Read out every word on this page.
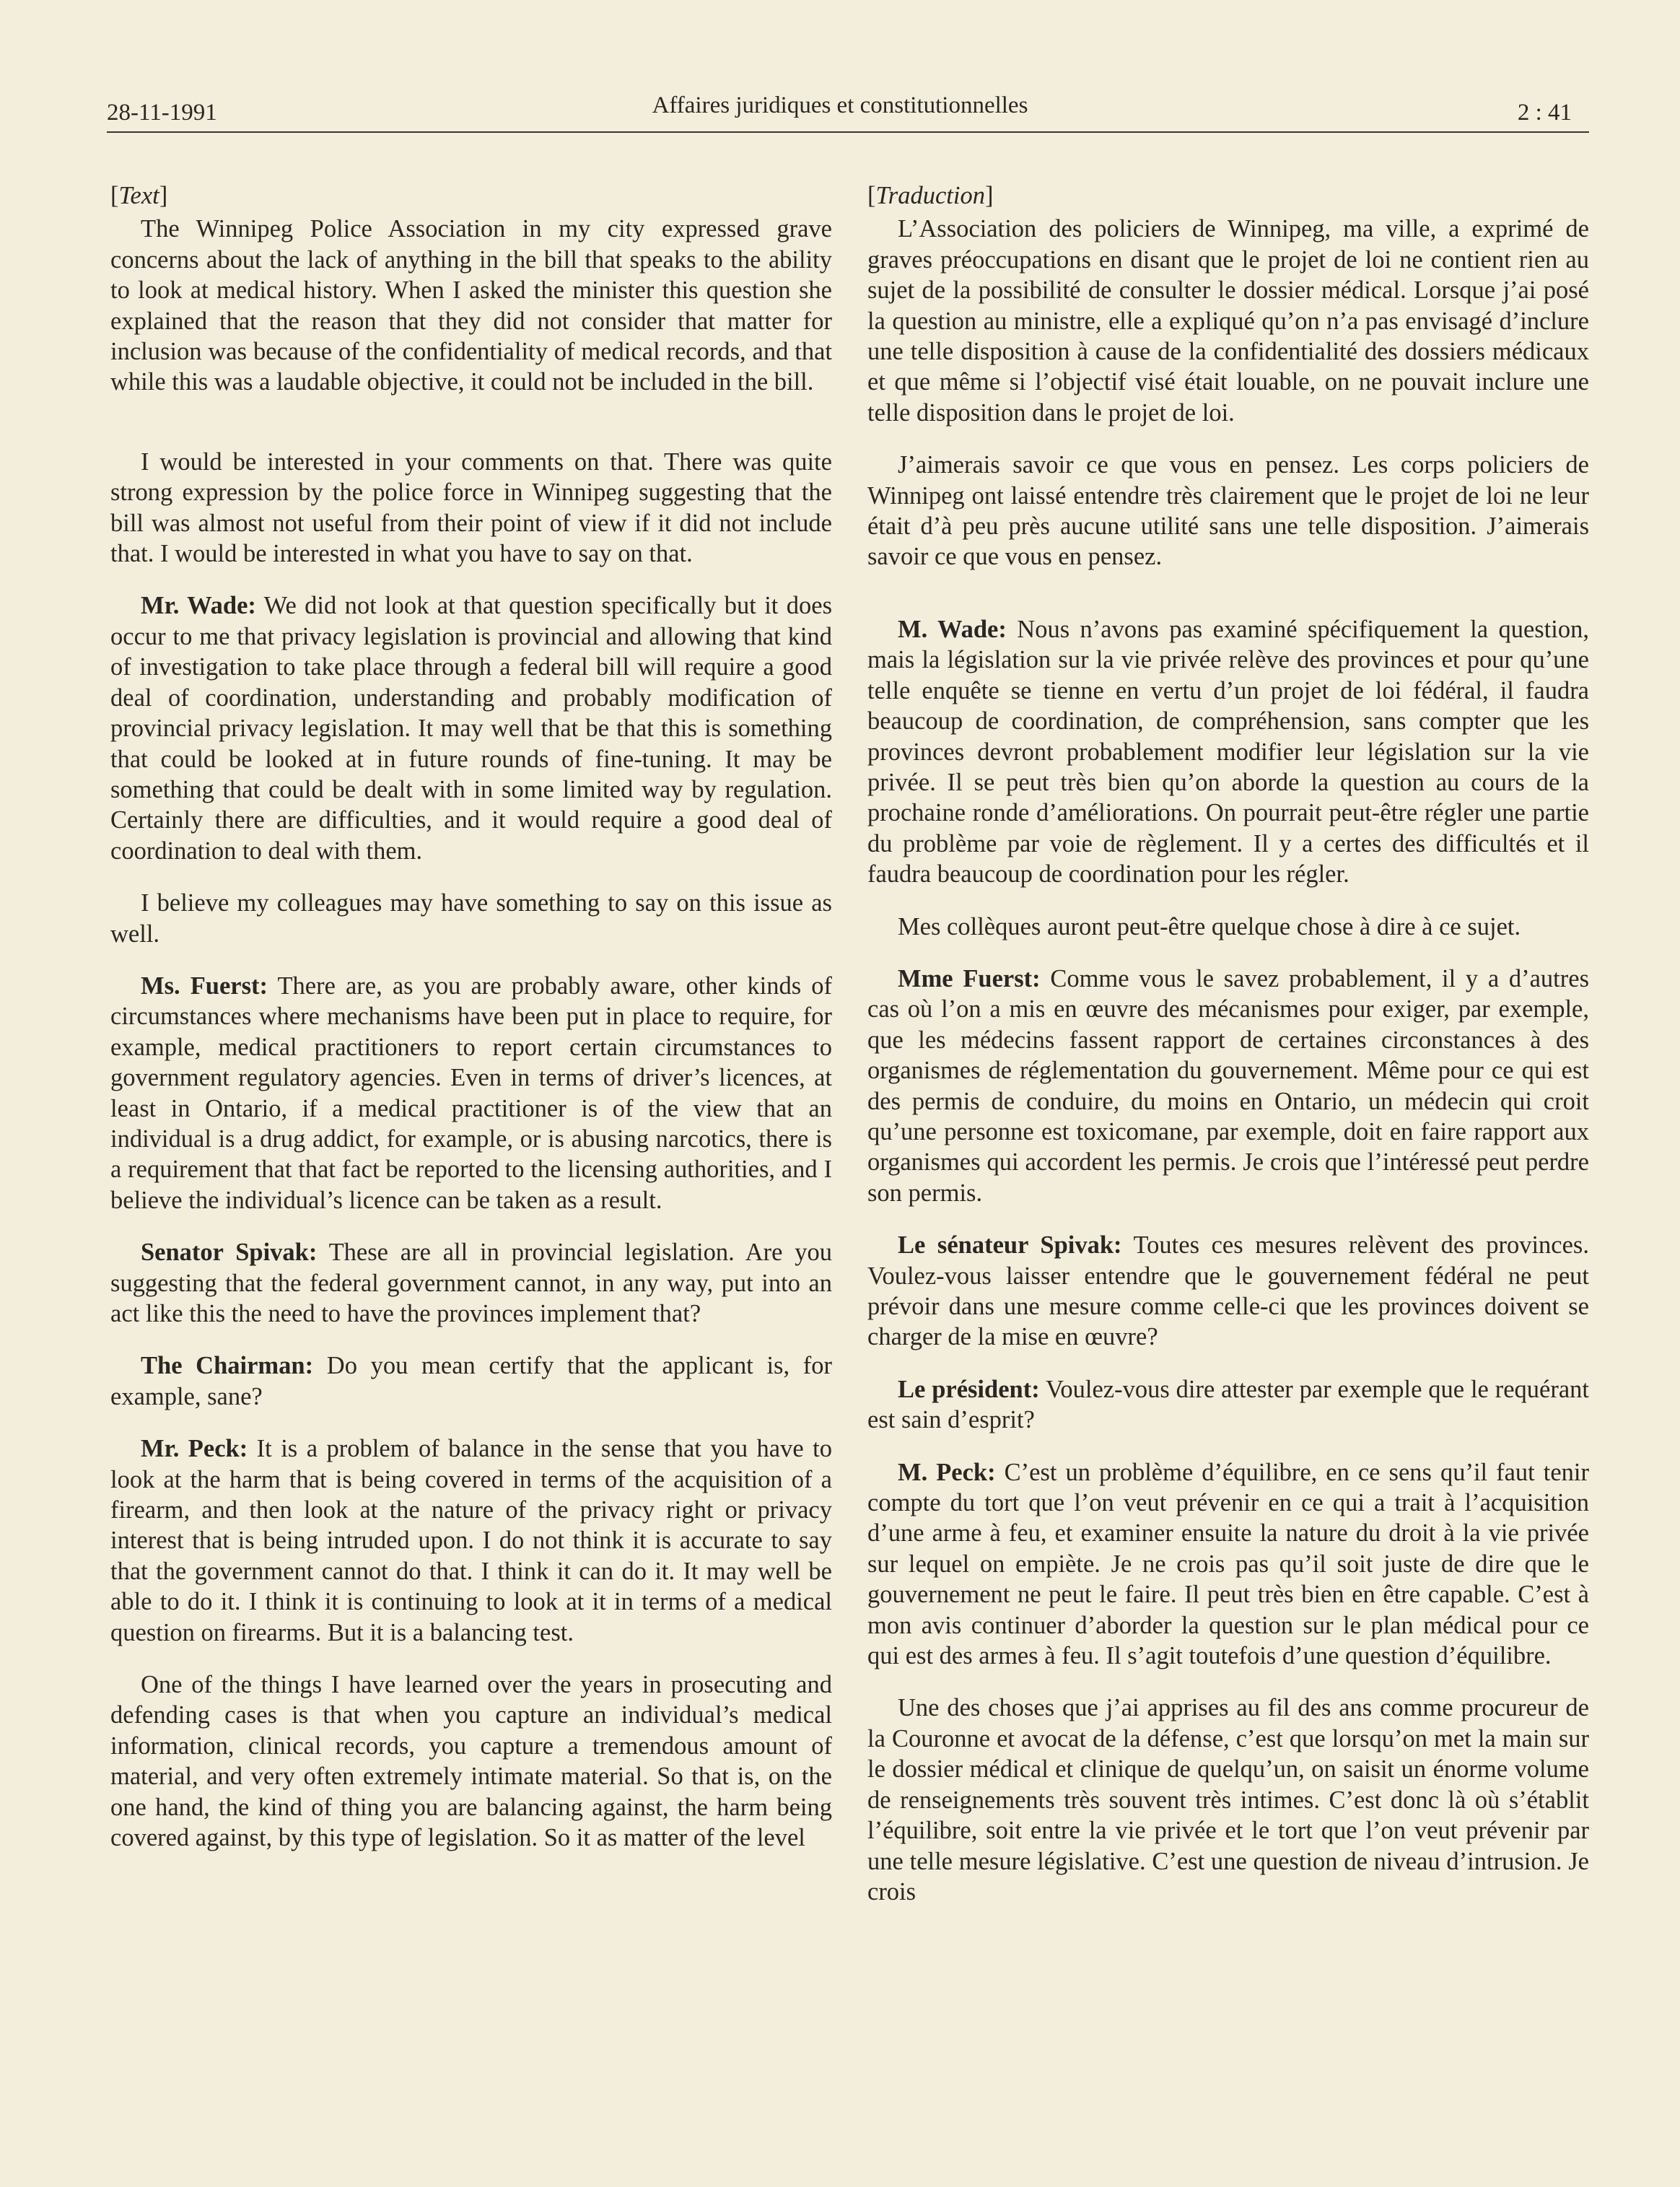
28-11-1991	Affaires juridiques et constitutionnelles	2 : 41

[Text]

The Winnipeg Police Association in my city expressed grave concerns about the lack of anything in the bill that speaks to the ability to look at medical history. When I asked the minister this question she explained that the reason that they did not consider that matter for inclusion was because of the confidentiality of medical records, and that while this was a laudable objective, it could not be included in the bill.

I would be interested in your comments on that. There was quite strong expression by the police force in Winnipeg suggesting that the bill was almost not useful from their point of view if it did not include that. I would be interested in what you have to say on that.

Mr. Wade: We did not look at that question specifically but it does occur to me that privacy legislation is provincial and allowing that kind of investigation to take place through a federal bill will require a good deal of coordination, understanding and probably modification of provincial privacy legislation. It may well that be that this is something that could be looked at in future rounds of fine-tuning. It may be something that could be dealt with in some limited way by regulation. Certainly there are difficulties, and it would require a good deal of coordination to deal with them.

I believe my colleagues may have something to say on this issue as well.

Ms. Fuerst: There are, as you are probably aware, other kinds of circumstances where mechanisms have been put in place to require, for example, medical practitioners to report certain circumstances to government regulatory agencies. Even in terms of driver’s licences, at least in Ontario, if a medical practitioner is of the view that an individual is a drug addict, for example, or is abusing narcotics, there is a requirement that that fact be reported to the licensing authorities, and I believe the individual’s licence can be taken as a result.

Senator Spivak: These are all in provincial legislation. Are you suggesting that the federal government cannot, in any way, put into an act like this the need to have the provinces implement that?

The Chairman: Do you mean certify that the applicant is, for example, sane?

Mr. Peck: It is a problem of balance in the sense that you have to look at the harm that is being covered in terms of the acquisition of a firearm, and then look at the nature of the privacy right or privacy interest that is being intruded upon. I do not think it is accurate to say that the government cannot do that. I think it can do it. It may well be able to do it. I think it is continuing to look at it in terms of a medical question on firearms. But it is a balancing test.

One of the things I have learned over the years in prosecuting and defending cases is that when you capture an individual’s medical information, clinical records, you capture a tremendous amount of material, and very often extremely intimate material. So that is, on the one hand, the kind of thing you are balancing against, the harm being covered against, by this type of legislation. So it as matter of the level

[Traduction]

L’Association des policiers de Winnipeg, ma ville, a exprimé de graves préoccupations en disant que le projet de loi ne contient rien au sujet de la possibilité de consulter le dossier médical. Lorsque j’ai posé la question au ministre, elle a expliqué qu’on n’a pas envisagé d’inclure une telle disposition à cause de la confidentialité des dossiers médicaux et que même si l’objectif visé était louable, on ne pouvait inclure une telle disposition dans le projet de loi.

J’aimerais savoir ce que vous en pensez. Les corps policiers de Winnipeg ont laissé entendre très clairement que le projet de loi ne leur était d’à peu près aucune utilité sans une telle disposition. J’aimerais savoir ce que vous en pensez.

M. Wade: Nous n’avons pas examiné spécifiquement la question, mais la législation sur la vie privée relève des provinces et pour qu’une telle enquête se tienne en vertu d’un projet de loi fédéral, il faudra beaucoup de coordination, de compréhension, sans compter que les provinces devront probablement modifier leur législation sur la vie privée. Il se peut très bien qu’on aborde la question au cours de la prochaine ronde d’améliorations. On pourrait peut-être régler une partie du problème par voie de règlement. Il y a certes des difficultés et il faudra beaucoup de coordination pour les régler.

Mes collèques auront peut-être quelque chose à dire à ce sujet.

Mme Fuerst: Comme vous le savez probablement, il y a d’autres cas où l’on a mis en œuvre des mécanismes pour exiger, par exemple, que les médecins fassent rapport de certaines circonstances à des organismes de réglementation du gouvernement. Même pour ce qui est des permis de conduire, du moins en Ontario, un médecin qui croit qu’une personne est toxicomane, par exemple, doit en faire rapport aux organismes qui accordent les permis. Je crois que l’intéressé peut perdre son permis.

Le sénateur Spivak: Toutes ces mesures relèvent des provinces. Voulez-vous laisser entendre que le gouvernement fédéral ne peut prévoir dans une mesure comme celle-ci que les provinces doivent se charger de la mise en œuvre?

Le président: Voulez-vous dire attester par exemple que le requérant est sain d’esprit?

M. Peck: C’est un problème d’équilibre, en ce sens qu’il faut tenir compte du tort que l’on veut prévenir en ce qui a trait à l’acquisition d’une arme à feu, et examiner ensuite la nature du droit à la vie privée sur lequel on empiète. Je ne crois pas qu’il soit juste de dire que le gouvernement ne peut le faire. Il peut très bien en être capable. C’est à mon avis continuer d’aborder la question sur le plan médical pour ce qui est des armes à feu. Il s’agit toutefois d’une question d’équilibre.

Une des choses que j’ai apprises au fil des ans comme procureur de la Couronne et avocat de la défense, c’est que lorsqu’on met la main sur le dossier médical et clinique de quelqu’un, on saisit un énorme volume de renseignements très souvent très intimes. C’est donc là où s’établit l’équilibre, soit entre la vie privée et le tort que l’on veut prévenir par une telle mesure législative. C’est une question de niveau d’intrusion. Je crois
